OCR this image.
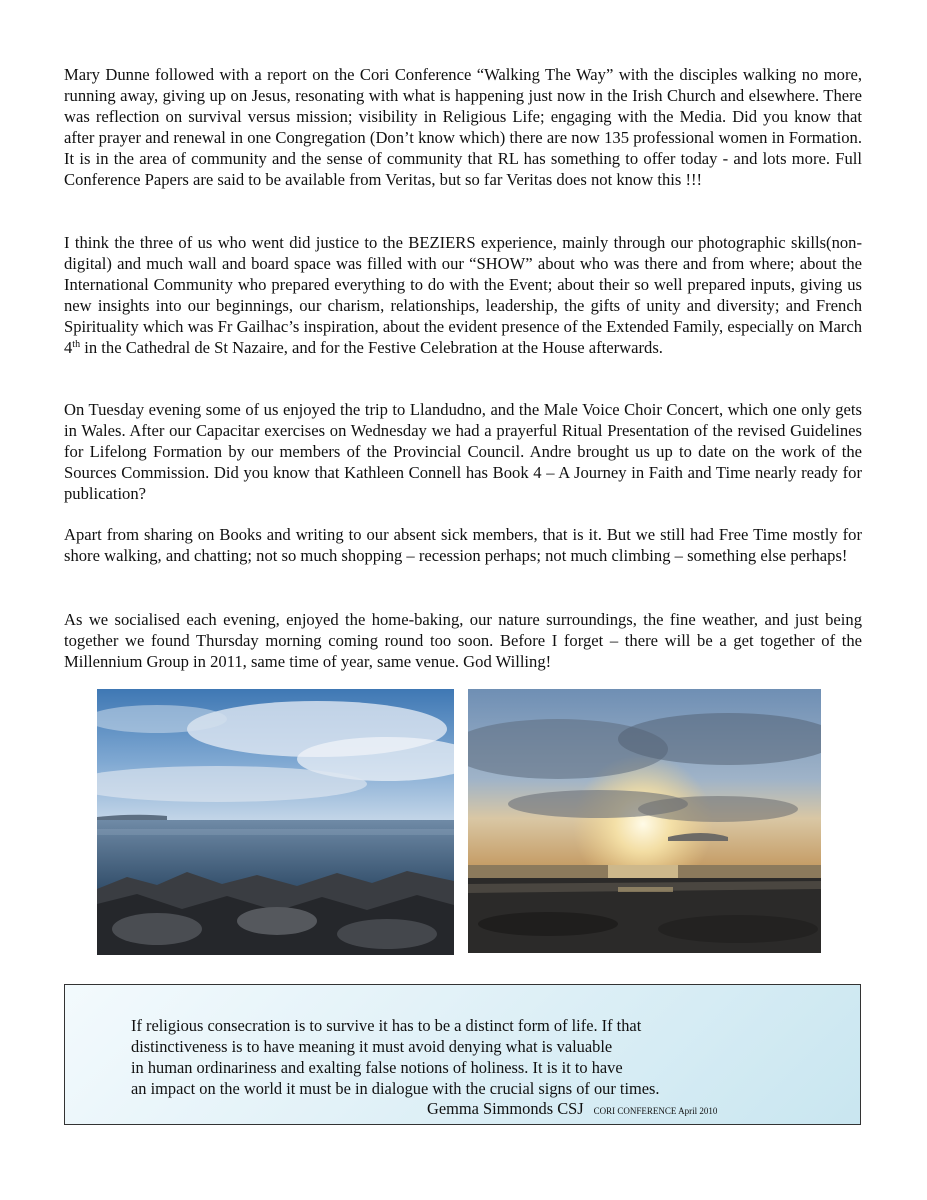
Mary Dunne followed with a report on the Cori Conference “Walking The Way” with the disciples walking no more, running away, giving up on Jesus, resonating with what is happening just now in the Irish Church and elsewhere. There was reflection on survival versus mission; visibility in Religious Life; engaging with the Media. Did you know that after prayer and renewal in one Congregation (Don’t know which) there are now 135 professional women in Formation. It is in the area of community and the sense of community that RL has something to offer today - and lots more. Full Conference Papers are said to be available from Veritas, but so far Veritas does not know this !!!

I think the three of us who went did justice to the BEZIERS experience, mainly through our photographic skills(non-digital) and much wall and board space was filled with our “SHOW” about who was there and from where; about the International Community who prepared everything to do with the Event; about their so well prepared inputs, giving us new insights into our beginnings, our charism, relationships, leadership, the gifts of unity and diversity; and French Spirituality which was Fr Gailhac’s inspiration, about the evident presence of the Extended Family, especially on March 4th in the Cathedral de St Nazaire, and for the Festive Celebration at the House afterwards.

On Tuesday evening some of us enjoyed the trip to Llandudno, and the Male Voice Choir Concert, which one only gets in Wales. After our Capacitar exercises on Wednesday we had a prayerful Ritual Presentation of the revised Guidelines for Lifelong Formation by our members of the Provincial Council. Andre brought us up to date on the work of the Sources Commission. Did you know that Kathleen Connell has Book 4 – A Journey in Faith and Time nearly ready for publication?

Apart from sharing on Books and writing to our absent sick members, that is it. But we still had Free Time mostly for shore walking, and chatting; not so much shopping – recession perhaps; not much climbing – something else perhaps!

As we socialised each evening, enjoyed the home-baking, our nature surroundings, the fine weather, and just being together we found Thursday morning coming round too soon. Before I forget – there will be a get together of the Millennium Group in 2011, same time of year, same venue. God Willing!

If religious consecration is to survive it has to be a distinct form of life. If that
distinctiveness is to have meaning it must avoid denying what is valuable
in human ordinariness and exalting false notions of holiness. It is it to have
an impact on the world it must be in dialogue with the crucial signs of our times.
Gemma Simmonds CSJ CORI CONFERENCE April 2010
